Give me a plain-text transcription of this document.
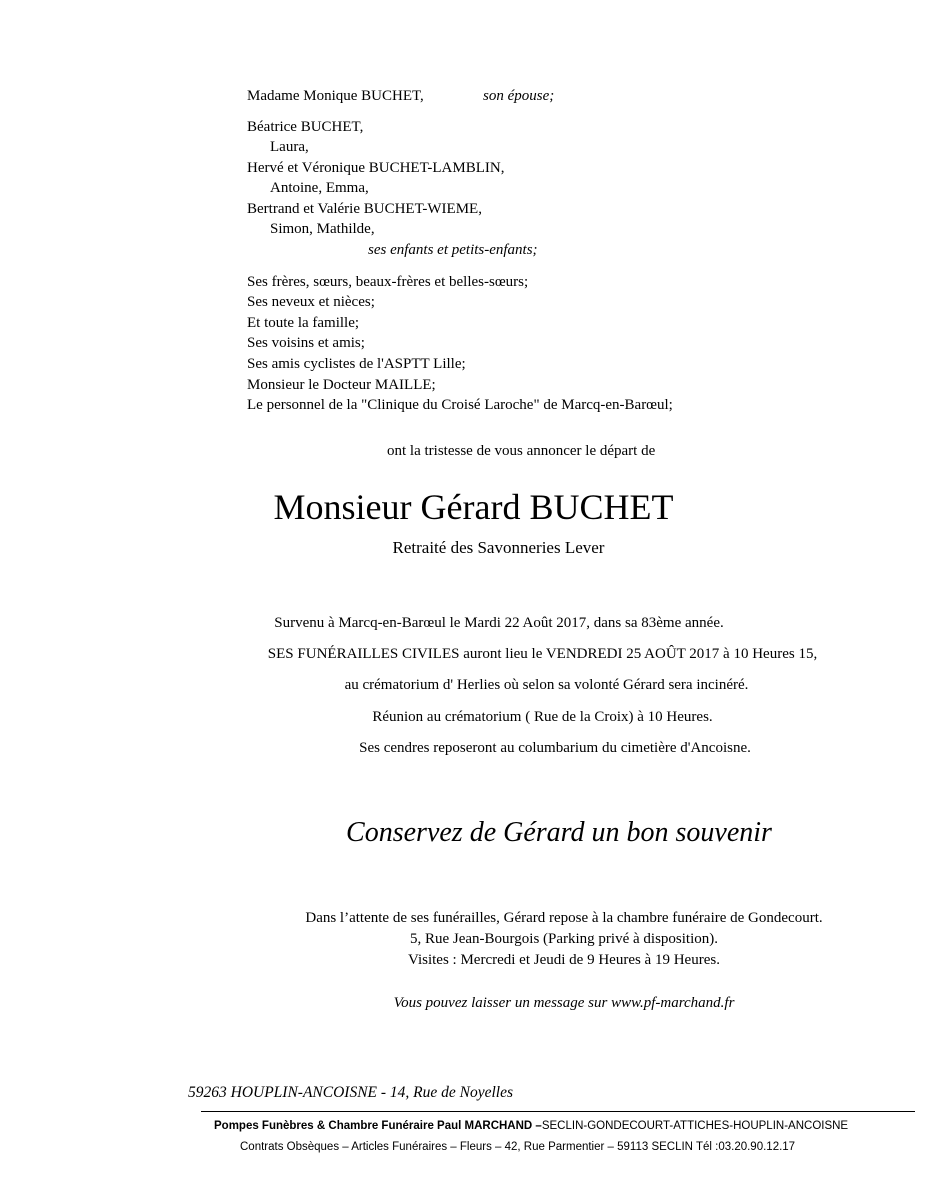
Madame Monique BUCHET,	son épouse;
Béatrice BUCHET,
Laura,
Hervé et Véronique BUCHET-LAMBLIN,
Antoine, Emma,
Bertrand et Valérie BUCHET-WIEME,
Simon, Mathilde,
ses enfants et petits-enfants;
Ses frères, sœurs, beaux-frères et belles-sœurs;
Ses neveux et nièces;
Et toute la famille;
Ses voisins et amis;
Ses amis cyclistes de l'ASPTT Lille;
Monsieur le Docteur MAILLE;
Le personnel de la "Clinique du Croisé Laroche" de Marcq-en-Barœul;
ont la tristesse de vous annoncer le départ de
Monsieur Gérard BUCHET
Retraité des Savonneries Lever
Survenu à Marcq-en-Barœul le Mardi 22 Août 2017, dans sa 83ème année.
SES FUNÉRAILLES CIVILES auront lieu le VENDREDI 25 AOÛT 2017 à 10 Heures 15,
au crématorium d' Herlies où selon sa volonté Gérard sera incinéré.
Réunion au crématorium ( Rue de la Croix) à 10 Heures.
Ses cendres reposeront au columbarium du cimetière d'Ancoisne.
Conservez de Gérard un bon souvenir
Dans l’attente de ses funérailles, Gérard repose à la chambre funéraire de Gondecourt.
5, Rue Jean-Bourgois (Parking privé à disposition).
Visites : Mercredi et Jeudi de 9 Heures à 19 Heures.
Vous pouvez laisser un message sur www.pf-marchand.fr
59263 HOUPLIN-ANCOISNE - 14, Rue de Noyelles
Pompes Funèbres & Chambre Funéraire Paul MARCHAND –SECLIN-GONDECOURT-ATTICHES-HOUPLIN-ANCOISNE
Contrats Obsèques – Articles Funéraires – Fleurs – 42, Rue Parmentier – 59113 SECLIN Tél :03.20.90.12.17
